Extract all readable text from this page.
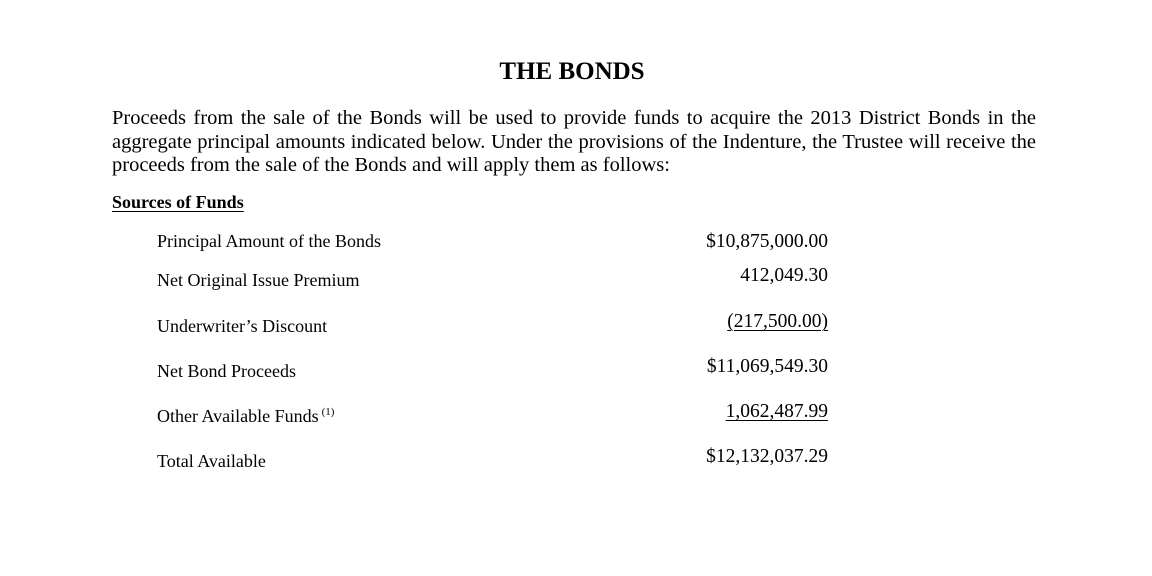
THE BONDS
Proceeds from the sale of the Bonds will be used to provide funds to acquire the 2013 District Bonds in the aggregate principal amounts indicated below. Under the provisions of the Indenture, the Trustee will receive the proceeds from the sale of the Bonds and will apply them as follows:
Sources of Funds
Principal Amount of the Bonds	$10,875,000.00
Net Original Issue Premium	412,049.30
Underwriter’s Discount	(217,500.00)
Net Bond Proceeds	$11,069,549.30
Other Available Funds $^{(1)}$	1,062,487.99
Total Available	$12,132,037.29
